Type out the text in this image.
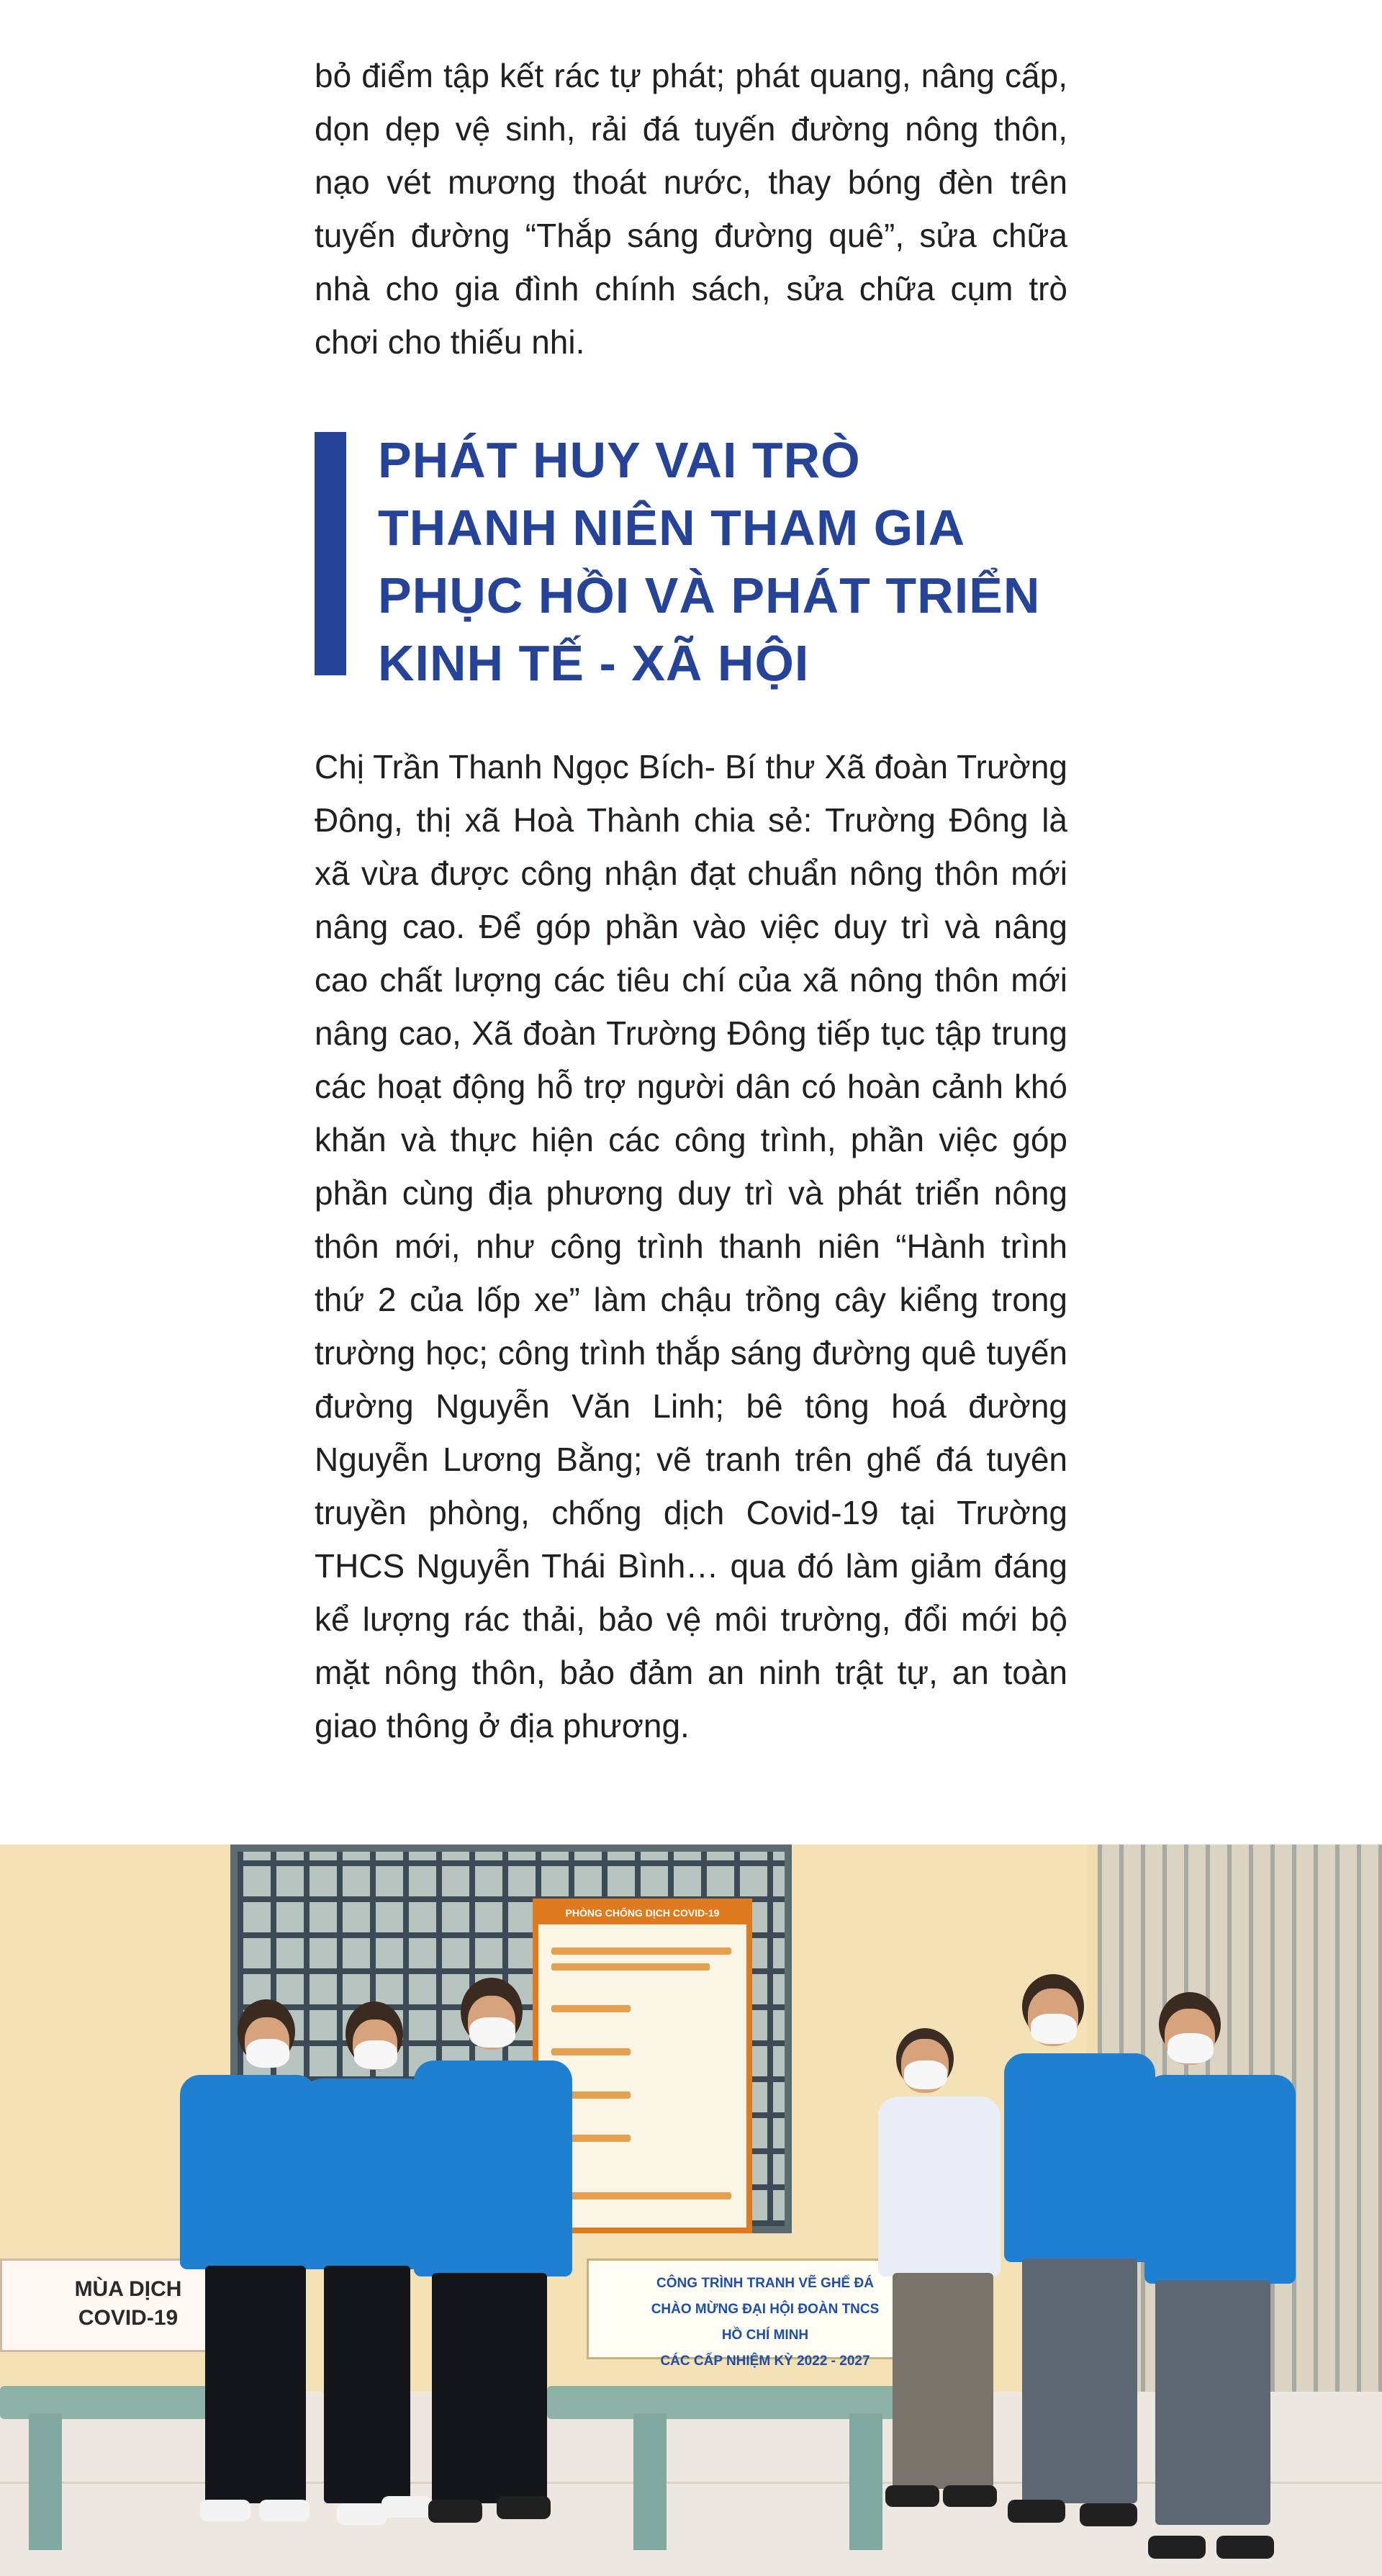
bỏ điểm tập kết rác tự phát; phát quang, nâng cấp, dọn dẹp vệ sinh, rải đá tuyến đường nông thôn, nạo vét mương thoát nước, thay bóng đèn trên tuyến đường “Thắp sáng đường quê”, sửa chữa nhà cho gia đình chính sách, sửa chữa cụm trò chơi cho thiếu nhi.

PHÁT HUY VAI TRÒ
THANH NIÊN THAM GIA
PHỤC HỒI VÀ PHÁT TRIỂN
KINH TẾ - XÃ HỘI

Chị Trần Thanh Ngọc Bích- Bí thư Xã đoàn Trường Đông, thị xã Hoà Thành chia sẻ: Trường Đông là xã vừa được công nhận đạt chuẩn nông thôn mới nâng cao. Để góp phần vào việc duy trì và nâng cao chất lượng các tiêu chí của xã nông thôn mới nâng cao, Xã đoàn Trường Đông tiếp tục tập trung các hoạt động hỗ trợ người dân có hoàn cảnh khó khăn và thực hiện các công trình, phần việc góp phần cùng địa phương duy trì và phát triển nông thôn mới, như công trình thanh niên “Hành trình thứ 2 của lốp xe” làm chậu trồng cây kiểng trong trường học; công trình thắp sáng đường quê tuyến đường Nguyễn Văn Linh; bê tông hoá đường Nguyễn Lương Bằng; vẽ tranh trên ghế đá tuyên truyền phòng, chống dịch Covid-19 tại Trường THCS Nguyễn Thái Bình… qua đó làm giảm đáng kể lượng rác thải, bảo vệ môi trường, đổi mới bộ mặt nông thôn, bảo đảm an ninh trật tự, an toàn giao thông ở địa phương.

PHÒNG CHỐNG DỊCH COVID-19
MÙA DỊCH
COVID-19
CÔNG TRÌNH TRANH VẼ GHẾ ĐÁ
CHÀO MỪNG ĐẠI HỘI ĐOÀN TNCS HỒ CHÍ MINH
CÁC CẤP NHIỆM KỲ 2022 - 2027
